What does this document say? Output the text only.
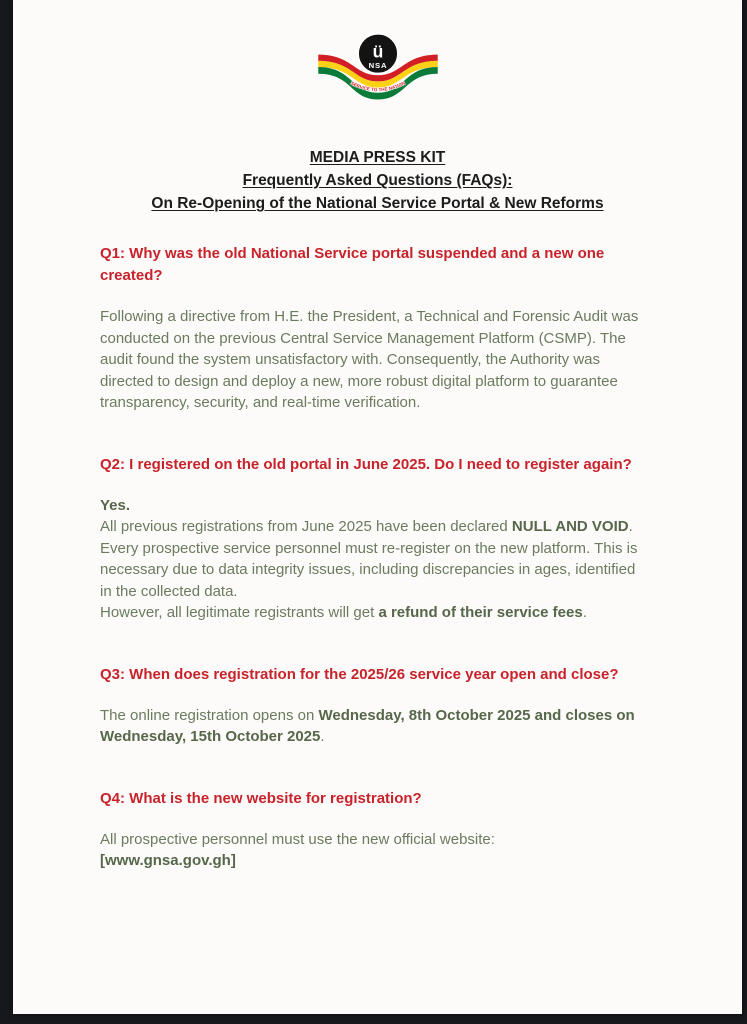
ü
NSA
SERVICE TO THE NATION
MEDIA PRESS KIT
Frequently Asked Questions (FAQs):
On Re-Opening of the National Service Portal & New Reforms
Q1: Why was the old National Service portal suspended and a new one created?
Following a directive from H.E. the President, a Technical and Forensic Audit was conducted on the previous Central Service Management Platform (CSMP). The audit found the system unsatisfactory with. Consequently, the Authority was directed to design and deploy a new, more robust digital platform to guarantee transparency, security, and real-time verification.
Q2: I registered on the old portal in June 2025. Do I need to register again?
Yes.
All previous registrations from June 2025 have been declared NULL AND VOID. Every prospective service personnel must re-register on the new platform. This is necessary due to data integrity issues, including discrepancies in ages, identified in the collected data.
However, all legitimate registrants will get a refund of their service fees.
Q3: When does registration for the 2025/26 service year open and close?
The online registration opens on Wednesday, 8th October 2025 and closes on Wednesday, 15th October 2025.
Q4: What is the new website for registration?
All prospective personnel must use the new official website:
[www.gnsa.gov.gh]
